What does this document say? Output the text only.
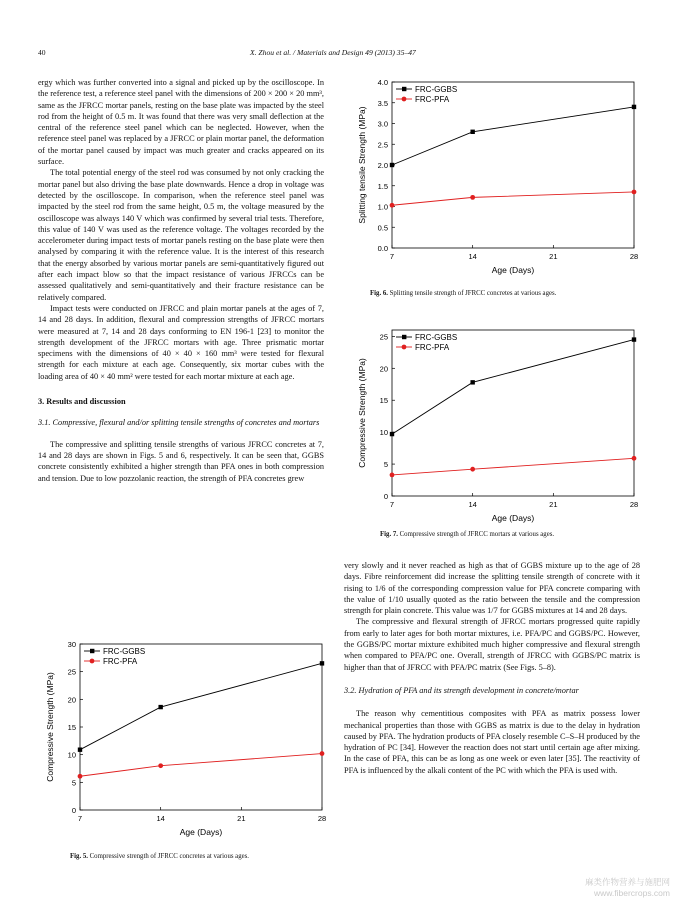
40	X. Zhou et al. / Materials and Design 49 (2013) 35–47

ergy which was further converted into a signal and picked up by the oscilloscope. In the reference test, a reference steel panel with the dimensions of 200 × 200 × 20 mm³, same as the JFRCC mortar panels, resting on the base plate was impacted by the steel rod from the height of 0.5 m. It was found that there was very small deflection at the central of the reference steel panel which can be neglected. However, when the reference steel panel was replaced by a JFRCC or plain mortar panel, the deformation of the mortar panel caused by impact was much greater and cracks appeared on its surface.

The total potential energy of the steel rod was consumed by not only cracking the mortar panel but also driving the base plate downwards. Hence a drop in voltage was detected by the oscilloscope. In comparison, when the reference steel panel was impacted by the steel rod from the same height, 0.5 m, the voltage measured by the oscilloscope was always 140 V which was confirmed by several trial tests. Therefore, this value of 140 V was used as the reference voltage. The voltages recorded by the accelerometer during impact tests of mortar panels resting on the base plate were then analysed by comparing it with the reference value. It is the interest of this research that the energy absorbed by various mortar panels are semi-quantitatively figured out after each impact blow so that the impact resistance of various JFRCCs can be assessed qualitatively and semi-quantitatively and their fracture resistance can be relatively compared.

Impact tests were conducted on JFRCC and plain mortar panels at the ages of 7, 14 and 28 days. In addition, flexural and compression strengths of JFRCC mortars were measured at 7, 14 and 28 days conforming to EN 196-1 [23] to monitor the strength development of the JFRCC mortars with age. Three prismatic mortar specimens with the dimensions of 40 × 40 × 160 mm³ were tested for flexural strength for each mixture at each age. Consequently, six mortar cubes with the loading area of 40 × 40 mm² were tested for each mortar mixture at each age.

3. Results and discussion

3.1. Compressive, flexural and/or splitting tensile strengths of concretes and mortars

The compressive and splitting tensile strengths of various JFRCC concretes at 7, 14 and 28 days are shown in Figs. 5 and 6, respectively. It can be seen that, GGBS concrete consistently exhibited a higher strength than PFA ones in both compression and tension. Due to low pozzolanic reaction, the strength of PFA concretes grew

very slowly and it never reached as high as that of GGBS mixture up to the age of 28 days. Fibre reinforcement did increase the splitting tensile strength of concrete with it rising to 1/6 of the corresponding compression value for PFA concrete comparing with the value of 1/10 usually quoted as the ratio between the tensile and the compression strength for plain concrete. This value was 1/7 for GGBS mixtures at 14 and 28 days.

The compressive and flexural strength of JFRCC mortars progressed quite rapidly from early to later ages for both mortar mixtures, i.e. PFA/PC and GGBS/PC. However, the GGBS/PC mortar mixture exhibited much higher compressive and flexural strength when compared to PFA/PC one. Overall, strength of JFRCC with GGBS/PC matrix is higher than that of JFRCC with PFA/PC matrix (See Figs. 5–8).

3.2. Hydration of PFA and its strength development in concrete/mortar

The reason why cementitious composites with PFA as matrix possess lower mechanical properties than those with GGBS as matrix is due to the delay in hydration caused by PFA. The hydration products of PFA closely resemble C–S–H produced by the hydration of PC [34]. However the reaction does not start until certain age after mixing. In the case of PFA, this can be as long as one week or even later [35]. The reactivity of PFA is influenced by the alkali content of the PC with which the PFA is used with.

0.0
0.5
1.0
1.5
2.0
2.5
3.0
3.5
4.0
7	14	21	28
Age (Days)
Splitting tensile Strength (MPa)
FRC-GGBS
FRC-PFA
Fig. 6. Splitting tensile strength of JFRCC concretes at various ages.
0
5
10
15
20
25
7	14	21	28
Age (Days)
Compressive Strength (MPa)
FRC-GGBS
FRC-PFA
Fig. 7. Compressive strength of JFRCC mortars at various ages.
0
5
10
15
20
25
30
7	14	21	28
Age (Days)
Compressive Strength (MPa)
FRC-GGBS
FRC-PFA
Fig. 5. Compressive strength of JFRCC concretes at various ages.
麻类作物营养与施肥网
www.fibercrops.com
